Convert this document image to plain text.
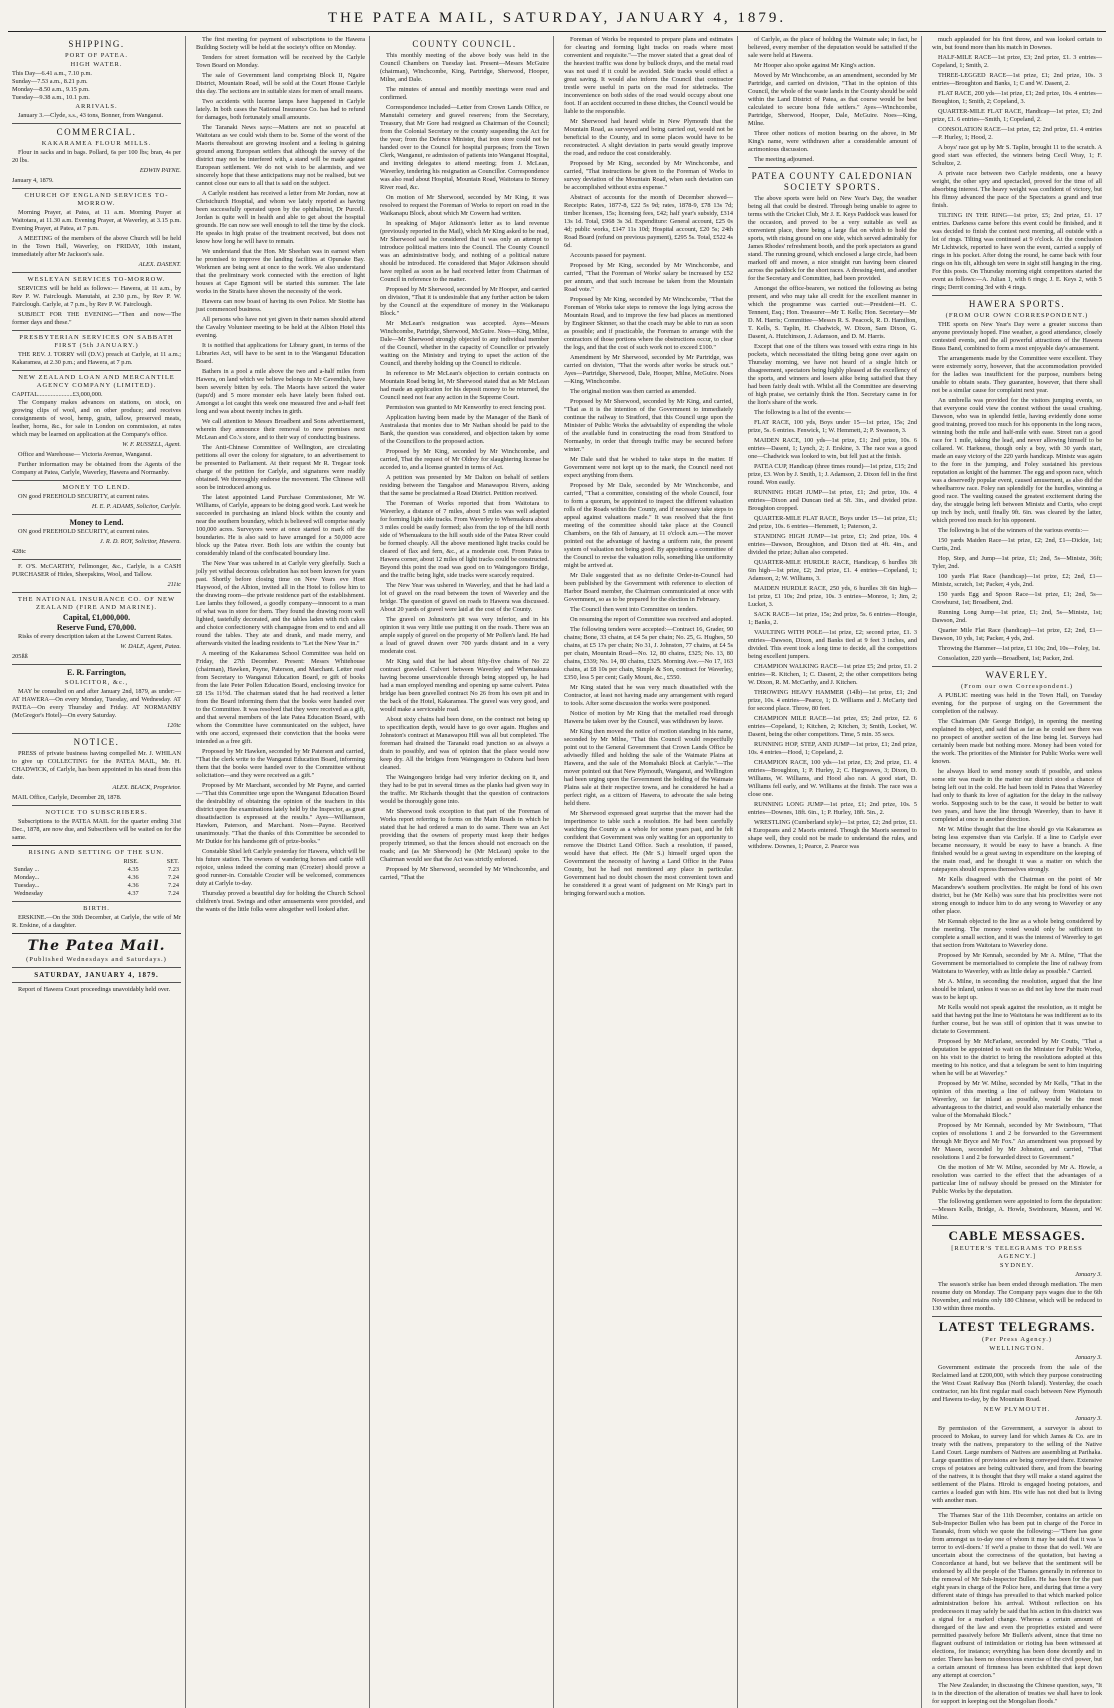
THE PATEA MAIL, SATURDAY, JANUARY 4, 1879.
SHIPPING.
PORT OF PATEA.
HIGH WATER.
This Day—6.41 a.m., 7.10 p.m.
Sunday—7.53 a.m., 8.21 p.m.
Monday—8.50 a.m., 9.15 p.m.
Tuesday—9.38 a.m., 10.1 p.m.
ARRIVALS.
January 3.—Clyde, s.s., 43 tons, Bonner, from Wanganui.
COMMERCIAL.
KAKARAMEA FLOUR MILLS.
Flour in sacks and in bags. Pollard, 6s per 100 lbs; bran, 4s per 20 lbs.
EDWIN PAYNE.
January 4, 1879.
CHURCH OF ENGLAND SERVICES TO-MORROW.
Morning Prayer, at Patea, at 11 a.m. Morning Prayer at Waitotara, at 11.30 a.m. Evening Prayer, at Waverley, at 3.15 p.m. Evening Prayer, at Patea, at 7 p.m.
A MEETING of the members of the above Church will be held in the Town Hall, Waverley, on FRIDAY, 10th instant, immediately after Mr Jackson's sale.
ALEX. DASENT.
WESLEYAN SERVICES TO-MORROW.
SERVICES will be held as follows:— Hawera, at 11 a.m., by Rev P. W. Fairclough. Manutahi, at 2.30 p.m., by Rev P. W. Fairclough. Carlyle, at 7 p.m., by Rev P. W. Fairclough.
SUBJECT FOR THE EVENING—"Then and now—The former days and these."
PRESBYTERIAN SERVICES ON SABBATH FIRST (5th JANUARY.)
THE REV. J. TORRY will (D.V.) preach at Carlyle, at 11 a.m.; Kakaramea, at 2.30 p.m.; and Hawera, at 7 p.m.
NEW ZEALAND LOAN AND MERCANTILE AGENCY COMPANY (LIMITED).
CAPITAL......................£3,000,000.
The Company makes advances on stations, on stock, on growing clips of wool, and on other produce; and receives consignments of wool, hemp, grain, tallow, preserved meats, leather, horns, &c., for sale in London on commission, at rates which may be learned on application at the Company's office.
W. F. RUSSELL, Agent.
Office and Warehouse— Victoria Avenue, Wanganui.
Further information may be obtained from the Agents of the Company at Patea, Carlyle, Waverley, Hawera and Normanby.
MONEY TO LEND.
ON good FREEHOLD SECURITY, at current rates.
H. E. P. ADAMS, Solicitor, Carlyle.
Money to Lend.
ON good FREEHOLD SECURITY, at current rates.
J. R. D. ROY, Solicitor, Hawera.
428tc
F. O'S. McCARTHY, Fellmonger, &c., Carlyle, is a CASH PURCHASER of Hides, Sheepskins, Wool, and Tallow.
211tc
THE NATIONAL INSURANCE CO. OF NEW ZEALAND (FIRE AND MARINE).
Capital, £1,000,000.
Reserve Fund, £70,000.
Risks of every description taken at the Lowest Current Rates.
W. DALE, Agent, Patea.
205ßß
E. R. Farrington,
SOLICITOR, &c.,
MAY be consulted on and after January 2nd, 1879, as under:— AT HAWERA—On every Monday, Tuesday, and Wednesday. AT PATEA—On every Thursday and Friday. AT NORMANBY (McGregor's Hotel)—On every Saturday.
120tc
NOTICE.
PRESS of private business having compelled Mr. J. WHILAN to give up COLLECTING for the PATEA MAIL, Mr. H. CHADWICK, of Carlyle, has been appointed in his stead from this date.
ALEX. BLACK, Proprietor.
MAIL Office, Carlyle, December 28, 1878.
NOTICE TO SUBSCRIBERS.
Subscriptions to the PATEA MAIL for the quarter ending 31st Dec., 1878, are now due, and Subscribers will be waited on for the same.
RISING AND SETTING OF THE SUN.
	RISE.	SET.
Sunday ...	4.35	7.23
Monday...	4.36	7.24
Tuesday...	4.36	7.24
Wednesday	4.37	7.24
BIRTH.
ERSKINE.—On the 30th December, at Carlyle, the wife of Mr R. Erskine, of a daughter.
The Patea Mail.
(Published Wednesdays and Saturdays.)
SATURDAY, JANUARY 4, 1879.
Report of Hawera Court proceedings unavoidably held over.
The first meeting for payment of subscriptions to the Hawera Building Society will be held at the society's office on Monday.
Tenders for street formation will be received by the Carlyle Town Board on Monday.
The sale of Government land comprising Block II, Ngaire District, Mountain Road, will be sold at the Court House Carlyle this day. The sections are in suitable sizes for men of small means.
Two accidents with lucerne lamps have happened in Carlyle lately. In both cases the National Insurance Co. has had to refund for damages, both fortunately small amounts.
The Taranaki News says:—Matters are not so peaceful at Waitotara as we could wish them to be. Some of the worst of the Maoris thereabout are growing insolent and a feeling is gaining ground among European settlers that although the survey of the district may not be interfered with, a stand will be made against European settlement. We do not wish to be alarmists, and we sincerely hope that these anticipations may not be realised, but we cannot close our ears to all that is said on the subject.
A Carlyle resident has received a letter from Mr Jordan, now at Christchurch Hospital, and whom we lately reported as having been successfully operated upon by the ophthalmist, Dr Purcell. Jordan is quite well in health and able to get about the hospital grounds. He can now see well enough to tell the time by the clock. He speaks in high praise of the treatment received, but does not know how long he will have to remain.
We understand that the Hon. Mr Sheehan was in earnest when he promised to improve the landing facilities at Opunake Bay. Workmen are being sent at once to the work. We also understand that the preliminary work connected with the erection of light houses at Cape Egmont will be started this summer. The late works in the Straits have shown the necessity of the work.
Hawera can now boast of having its own Police. Mr Stottie has just commenced business.
All persons who have not yet given in their names should attend the Cavalry Volunteer meeting to be held at the Albion Hotel this evening.
It is notified that applications for Library grant, in terms of the Libraries Act, will have to be sent in to the Wanganui Education Board.
Bathers in a pool a mile above the two and a-half miles from Hawera, on land which we believe belongs to Mr Cavendish, have been severely bitten by eels. The Maoris have seized the water (tapu'd) and 5 more monster eels have lately been fished out. Amongst a lot caught this week one measured five and a-half feet long and was about twenty inches in girth.
We call attention to Messrs Broadbent and Sons advertisement, wherein they announce their removal to new premises next McLean and Co.'s store, and to their way of conducting business.
The Anti-Chinese Committee of Wellington, are circulating petitions all over the colony for signature, to an advertisement to be presented to Parliament. At their request Mr R. Tregear took charge of the petition for Carlyle, and signatures were readily obtained. We thoroughly endorse the movement. The Chinese will soon be introduced among us.
The latest appointed Land Purchase Commissioner, Mr W. Williams, of Carlyle, appears to be doing good work. Last week he succeeded in purchasing an inland block within the county and near the southern boundary, which is believed will comprise nearly 100,000 acres. Surveyors were at once started to mark off the boundaries. He is also said to have arranged for a 50,000 acre block up the Patea river. Both lots are within the county but considerably inland of the confiscated boundary line.
The New Year was ushered in at Carlyle very gleefully. Such a jolly yet withal decorous celebration has not been known for years past. Shortly before closing time on New Years eve Host Haywood, of the Albion, invited all in the Hotel to follow him to the drawing room—the private residence part of the establishment. Lee lambs they followed, a goodly company—innocent to a man of what was in store for them. They found the drawing room well lighted, tastefully decorated, and the tables laden with rich cakes and choice confectionery with champagne from end to end and all round the tables. They ate and drank, and made merry, and afterwards visited the leading residents to "Let the New Year in."
A meeting of the Kakaramea School Committee was held on Friday, the 27th December. Present: Messrs Whitehouse (chairman), Hawken, Payne, Paterson, and Marchant. Letter read from Secretary to Wanganui Education Board, re gift of books from the late Peter Pollen Education Board, enclosing invoice for £8 15s 11½d. The chairman stated that he had received a letter from the Board informing them that the books were handed over to the Committee. It was resolved that they were received as a gift, and that several members of the late Patea Education Board, with whom the Committee have communicated on the subject, have with one accord, expressed their conviction that the books were intended as a free gift.
Proposed by Mr Hawken, seconded by Mr Paterson and carried, "That the clerk write to the Wanganui Education Board, informing them that the books were handed over to the Committee without solicitation—and they were received as a gift."
Proposed by Mr Marchant, seconded by Mr Payne, and carried—"That this Committee urge upon the Wanganui Education Board the desirability of obtaining the opinion of the teachers in this district upon the examinations lately held by the Inspector, as great dissatisfaction is expressed at the results." Ayes—Williamson, Hawken, Paterson, and Marchant. Noes—Payne. Received unanimously. "That the thanks of this Committee be seconded to Mr Dutkie for his handsome gift of prize-books."
Constable Shiel left Carlyle yesterday for Hawera, which will be his future station. The owners of wandering horses and cattle will rejoice, unless indeed the coming man (Crozier) should prove a good runner-in. Constable Crozier will be welcomed, commences duty at Carlyle to-day.
Thursday proved a beautiful day for holding the Church School children's treat. Swings and other amusements were provided, and the wants of the little folks were altogether well looked after.
COUNTY COUNCIL.
This monthly meeting of the above body was held in the Council Chambers on Tuesday last. Present—Messrs McGuire (chairman), Winchcombe, King, Partridge, Sherwood, Hooper, Milne, and Dale.
The minutes of annual and monthly meetings were read and confirmed.
Correspondence included—Letter from Crown Lands Office, re Manutahi cemetery and gravel reserves; from the Secretary, Treasury, that Mr Gore had resigned as Chairman of the Council; from the Colonial Secretary re the county suspending the Act for the year; from the Defence Minister, that iron store could not be handed over to the Council for hospital purposes; from the Town Clerk, Wanganui, re admission of patients into Wanganui Hospital, and inviting delegates to attend meeting; from J. McLean, Waverley, tendering his resignation as Councillor. Correspondence was also read about Hospital, Mountain Road, Waitotara to Stoney River road, &c.
On motion of Mr Sherwood, seconded by Mr King, it was resolved to request the Foreman of Works to report on road in the Waikanapu Block, about which Mr Cowern had written.
In speaking of Major Atkinson's letter as to land revenue (previously reported in the Mail), which Mr King asked to be read, Mr Sherwood said he considered that it was only an attempt to introduce political matters into the Council. The County Council was an administrative body, and nothing of a political nature should be introduced. He considered that Major Atkinson should have replied as soon as he had received letter from Chairman of Council in reference to the matter.
Proposed by Mr Sherwood, seconded by Mr Hooper, and carried on division, "That it is undesirable that any further action be taken by the Council at the expenditure of money in the Waikanapu Block."
Mr McLean's resignation was accepted. Ayes—Messrs Winchcombe, Partridge, Sherwood, McGuire. Noes—King, Milne, Dale—Mr Sherwood strongly objected to any individual member of the Council, whether in the capacity of Councillor or privately waiting on the Ministry and trying to upset the action of the Council, and thereby holding up the Council to ridicule.
In reference to Mr McLean's objection to certain contracts on Mountain Road being let, Mr Sherwood stated that as Mr McLean had made an application for his deposit money to be returned, the Council need not fear any action in the Supreme Court.
Permission was granted to Mr Kenworthy to erect fencing post.
Application having been made by the Manager of the Bank of Australasia that monies due to Mr Nathan should be paid to the Bank, the question was considered, and objection taken by some of the Councillors to the proposed action.
Proposed by Mr King, seconded by Mr Winchcombe, and carried, That the request of Mr Oldrey for slaughtering license be acceded to, and a license granted in terms of Act.
A petition was presented by Mr Dalton on behalf of settlers residing between the Tangahoe and Manawapou Rivers, asking that the same be proclaimed a Road District. Petition received.
The Foreman of Works reported that from Waitotara to Waverley, a distance of 7 miles, about 5 miles was well adapted for forming light side tracks. From Waverley to Whenuakura about 3 miles could be easily formed; also from the top of the hill north side of Whenuakura to the hill south side of the Patea River could be formed cheaply. All the above mentioned light tracks could be cleared of flax and fern, &c., at a moderate cost. From Patea to Hawera corner, about 12 miles of light tracks could be constructed. Beyond this point the road was good on to Waingongoro Bridge, and the traffic being light, side tracks were scarcely required.
The New Year was ushered in Waverley, and that he had laid a lot of gravel on the road between the town of Waverley and the bridge. The question of gravel on roads to Hawera was discussed. About 20 yards of gravel were laid at the cost of the County.
The gravel on Johnston's pit was very inferior, and in his opinion it was very little use putting it on the roads. There was an ample supply of gravel on the property of Mr Pollen's land. He had a load of gravel drawn over 700 yards distant and in a very moderate cost.
Mr King said that he had about fifty-five chains of No 22 contract graveled. Culvert between Waverley and Whenuakura having become unserviceable through being stopped up, he had had a man employed mending and opening up same culvert. Patea bridge has been gravelled contract No 26 from his own pit and in the back of the Hotel, Kakaramea. The gravel was very good, and would make a serviceable road.
About sixty chains had been done, on the contract not being up to specification depth, would have to go over again. Hughes and Johnston's contract at Manawapou Hill was all but completed. The foreman had drained the Taranaki road junction so as always a drain to possibly, and was of opinion that the place would now keep dry. All the bridges from Waingongoro to Ouhoru had been cleaned.
The Waingongoro bridge had very inferior decking on it, and they had to be put in several times as the planks had given way in the traffic. Mr Richards thought that the question of contractors would be thoroughly gone into.
Mr Sherwood took exception to that part of the Foreman of Works report referring to forms on the Main Roads in which he stated that he had ordered a man to do same. There was an Act providing that the owners of property must keep their hedges properly trimmed, so that the fences should not encroach on the roads; and (as Mr Sherwood) he (Mr McLean) spoke to the Chairman would see that the Act was strictly enforced.
Proposed by Mr Sherwood, seconded by Mr Winchcombe, and carried, "That the
Foreman of Works be requested to prepare plans and estimates for clearing and forming light tracks on roads where most convenient and requisite."—The mover stated that a great deal of the heaviest traffic was done by bullock drays, and the metal road was not used if it could be avoided. Side tracks would effect a great saving. It would also inform the Council that contractor trestle were useful in parts on the road for sidetracks. The inconvenience on both sides of the road would occupy about one foot. If an accident occurred in these ditches, the Council would be liable to the responsible.
Mr Sherwood had heard while in New Plymouth that the Mountain Road, as surveyed and being carried out, would not be beneficial to the County, and in some places would have to be reconstructed. A slight deviation in parts would greatly improve the road, and reduce the cost considerably.
Proposed by Mr King, seconded by Mr Winchcombe, and carried, "That instructions be given to the Foreman of Works to survey deviation of the Mountain Road, when such deviation can be accomplished without extra expense."
Abstract of accounts for the month of December showed—Receipts: Rates, 1877-8, £22 5s 9d; rates, 1878-9, £78 13s 7d; timber licenses, 15s; licensing fees, £42; half year's subsidy, £314 13s 1d. Total, £968 3s 3d. Expenditure: General account, £25 0s 4d; public works, £147 11s 10d; Hospital account, £20 5s; 24th Road Board (refund on previous payment), £295 5s. Total, £522 4s 6d.
Accounts passed for payment.
Proposed by Mr King, seconded by Mr Winchcombe, and carried, "That the Foreman of Works' salary be increased by £52 per annum, and that such increase be taken from the Mountain Road vote."
Proposed by Mr King, seconded by Mr Winchcombe, "That the Foreman of Works take steps to remove the logs lying across the Mountain Road, and to improve the few bad places as mentioned by Engineer Skinner, so that the coach may be able to run as soon as possible; and if practicable, the Foreman to arrange with the contractors of those portions where the obstructions occur, to clear the logs, and that the cost of such work not to exceed £100."
Amendment by Mr Sherwood, seconded by Mr Partridge, was carried on division, "That the words after works be struck out." Ayes—Partridge, Sherwood, Dale, Hooper, Milne, McGuire. Noes—King, Winchcombe.
The original motion was then carried as amended.
Proposed by Mr Sherwood, seconded by Mr King, and carried, "That as it is the intention of the Government to immediately continue the railway to Stratford, that this Council urge upon the Minister of Public Works the advisability of expending the whole of the available fund in constructing the road from Stratford to Normanby, in order that through traffic may be secured before winter."
Mr Dale said that he wished to take steps in the matter. If Government were not kept up to the mark, the Council need not expect anything from them.
Proposed by Mr Dale, seconded by Mr Winchcombe, and carried, "That a committee, consisting of the whole Council, four to form a quorum, be appointed to inspect the different valuation rolls of the Roads within the County, and if necessary take steps to appeal against valuations made." It was resolved that the first meeting of the committee should take place at the Council Chambers, on the 6th of January, at 11 o'clock a.m.—The mover pointed out the advantage of having a uniform rate, the present system of valuation not being good. By appointing a committee of the Council to revise the valuation rolls, something like uniformity might be arrived at.
Mr Dale suggested that as no definite Order-in-Council had been published by the Government with reference to election of Harbor Board member, the Chairman communicated at once with Government, so as to be prepared for the election in February.
The Council then went into Committee on tenders.
On resuming the report of Committee was received and adopted.
The following tenders were accepted:—Contract 16, Grader, 90 chains; Bone, 33 chains, at £4 5s per chain; No. 25, G. Hughes, 50 chains, at £5 17s per chain; No 31, J. Johnston, 77 chains, at £4 5s per chain, Mountain Road—No. 12, 80 chains, £325; No. 13, 80 chains, £339; No. 14, 80 chains, £325. Morning Ave.—No 17, 163 chains, at £8 10s per chain, Simple & Son, contract for Waverley, £350, less 5 per cent; Gaily Mount, &c., £550.
Mr King stated that he was very much dissatisfied with the Contractor, at least not having made any arrangement with regard to tools. After some discussion the works were postponed.
Notice of motion by Mr King that the metalled road through Hawera be taken over by the Council, was withdrawn by leave.
Mr King then moved the notice of motion standing in his name, seconded by Mr Milne, "That this Council would respectfully point out to the General Government that Crown Lands Office be advisedly filled and holding the sale of the Waimate Plains at Hawera, and the sale of the Momahaki Block at Carlyle."—The mover pointed out that New Plymouth, Wanganui, and Wellington had been urging upon the Government the holding of the Waimate Plains sale at their respective towns, and he considered he had a perfect right, as a citizen of Hawera, to advocate the sale being held there.
Mr Sherwood expressed great surprise that the mover had the impertinence to table such a resolution. He had been carefully watching the County as a whole for some years past, and he felt confident that Government was only waiting for an opportunity to remove the District Land Office. Such a resolution, if passed, would have that effect. He (Mr S.) himself urged upon the Government the necessity of having a Land Office in the Patea County, but he had not mentioned any place in particular. Government had no doubt chosen the most convenient town and he considered it a great want of judgment on Mr King's part in bringing forward such a motion.
of Carlyle, as the place of holding the Waimate sale; in fact, he believed, every member of the deputation would be satisfied if the sale were held at Hawera.
Mr Hooper also spoke against Mr King's action.
Moved by Mr Winchcombe, as an amendment, seconded by Mr Partridge, and carried on division, "That in the opinion of this Council, the whole of the waste lands in the County should be sold within the Land District of Patea, as that course would be best calculated to secure bona fide settlers." Ayes—Winchcombe, Partridge, Sherwood, Hooper, Dale, McGuire. Noes—King, Milne.
Three other notices of motion bearing on the above, in Mr King's name, were withdrawn after a considerable amount of acrimonious discussion.
The meeting adjourned.
PATEA COUNTY CALEDONIAN SOCIETY SPORTS.
The above sports were held on New Year's Day, the weather being all that could be desired. Through being unable to agree to terms with the Cricket Club, Mr J. E. Keys Paddock was leased for the occasion, and proved to be a very suitable as well as convenient place, there being a large flat on which to hold the sports, with rising ground on one side, which served admirably for James Rhodes' refreshment booth, and the pork spectators as grand stand. The running ground, which enclosed a large circle, had been marked off and mown, a nice straight run having been cleared across the paddock for the short races. A dressing-tent, and another for the Secretary and Committee, had been provided.
Amongst the office-bearers, we noticed the following as being present, and who may take all credit for the excellent manner in which the programme was carried out:—President—H. C. Tennent, Esq.; Hon. Treasurer—Mr T. Kells; Hon. Secretary—Mr D. M. Harris; Committee—Messrs R. S. Peacock, R. D. Hamilton, T. Kells, S. Taplin, H. Chadwick, W. Dixon, Sam Dixon, G. Dasent, A. Hutchinson, J. Adamson, and D. M. Harris.
Except that one of the tilters was tossed with extra rings in his pockets, which necessitated the tilting being gone over again on Thursday morning, we have not heard of a single hitch or disagreement, spectators being highly pleased at the excellency of the sports, and winners and losers alike being satisfied that they had been fairly dealt with. Whilst all the Committee are deserving of high praise, we certainly think the Hon. Secretary came in for the lion's share of the work.
The following is a list of the events:—
FLAT RACE, 100 yds, Boys under 15—1st prize, 15s; 2nd prize, 5s. 6 entries. Fenwick, 1; W. Hemmett, 2; P. Swanson, 3.
MAIDEN RACE, 100 yds—1st prize, £1; 2nd prize, 10s. 6 entries—Dasent, 1; Lynch, 2; J. Erskine, 3. The race was a good one—Chadwick was looked to win, but fell just at the finish.
PATEA CUP, Handicap (three times round)—1st prize, £15; 2nd prize, £3. Won by J. Smith, 1; J. Adamson, 2. Dixon fell in the first round. Won easily.
RUNNING HIGH JUMP—1st prize, £1; 2nd prize, 10s. 4 entries—Dixon and Duncan tied at 5ft. 3in., and divided prize. Broughton cropped.
QUARTER-MILE FLAT RACE, Boys under 15—1st prize, £1; 2nd prize, 10s. 6 entries—Hemmett, 1; Paterson, 2.
STANDING HIGH JUMP—1st prize, £1; 2nd prize, 10s. 4 entries—Dawson, Broughton, and Dixon tied at 4ft. 4in., and divided the prize; Julian also competed.
QUARTER-MILE HURDLE RACE, Handicap, 6 hurdles 3ft 6in high—1st prize, £2; 2nd prize, £1. 4 entries—Copeland, 1; Adamson, 2; W. Williams, 3.
MAIDEN HURDLE RACE, 250 yds, 6 hurdles 3ft 6in high—1st prize, £1 10s; 2nd prize, 10s. 3 entries—Monroe, 1; Jim, 2; Lucket, 3.
SACK RACE—1st prize, 15s; 2nd prize, 5s. 6 entries—Hougie, 1; Banks, 2.
VAULTING WITH POLE—1st prize, £2; second prize, £1. 3 entries—Dawson, Dixon, and Banks tied at 9 feet 3 inches, and divided. This event took a long time to decide, all the competitors being excellent jumpers.
CHAMPION WALKING RACE—1st prize £5; 2nd prize, £1. 2 entries—R. Kitchen, 1; C. Dasent, 2; the other competitors being W. Dixon, R. M. McCarthy, and J. Kitchen.
THROWING HEAVY HAMMER (14lb)—1st prize, £1; 2nd prize, 10s. 4 entries—Pearce, 1; D. Williams and J. McCarty tied for second place. Throw, 80 feet.
CHAMPION MILE RACE—1st prize, £5; 2nd prize, £2. 6 entries—Copeland, 1; Kitchen, 2; Kitchen, 3; Smith, Locket, W. Dasent, being the other competitors. Time, 5 min. 35 secs.
RUNNING HOP, STEP, AND JUMP—1st prize, £1; 2nd prize, 10s. 4 entries—Hood, 1; Copeland, 2.
CHAMPION RACE, 100 yds—1st prize, £3; 2nd prize, £1. 4 entries—Broughton, 1; P. Hurley, 2; C. Hargreaves, 3; Dixon, D. Williams, W. Williams, and Hood also ran. A good start, D. Williams fell early, and W. Williams at the finish. The race was a close one.
RUNNING LONG JUMP—1st prize, £1; 2nd prize, 10s. 5 entries—Downes, 18ft. 6in., 1; P. Hurley, 18ft. 5in., 2.
WRESTLING (Cumberland style)—1st prize, £2; 2nd prize, £1. 4 Europeans and 2 Maoris entered. Though the Maoris seemed to shape well, they could not be made to understand the rules, and withdrew. Downes, 1; Pearce, 2. Pearce was
much applauded for his first throw, and was looked certain to win, but found more than his match in Downes.
HALF-MILE RACE—1st prize, £3; 2nd prize, £1. 3 entries—Copeland, 1; Smith, 2.
THREE-LEGGED RACE—1st prize, £1; 2nd prize, 10s. 3 entries—Broughton and Banks, 1; C and W. Dasent, 2.
FLAT RACE, 200 yds—1st prize, £1; 2nd prize, 10s. 4 entries—Broughton, 1; Smith, 2; Copeland, 3.
QUARTER-MILE FLAT RACE, Handicap—1st prize, £3; 2nd prize, £1. 6 entries—Smith, 1; Copeland, 2.
CONSOLATION RACE—1st prize, £2; 2nd prize, £1. 4 entries—P. Hurley, 1; Hood, 2.
A boys' race got up by Mr S. Taplin, brought 11 to the scratch. A good start was effected, the winners being Cecil Wray, 1; F. Schultze, 2.
A private race between two Carlyle residents, one a heavy weight, the other spry and spectacled, proved for the time of all absorbing interest. The heavy weight was confident of victory, but his flimsy advanced the pace of the Spectators a grand and true finish.
TILTING IN THE RING—1st prize, £5; 2nd prize, £1. 17 entries. Darkness came before this event could be finished, and it was decided to finish the contest next morning, all outside with a lot of rings. Tilting was continued at 9 o'clock. At the conclusion Mr Lichtwick, reported to have won the event, carried a supply of rings in his pocket. After doing the round, he came back with four rings on his tilt, although ten were in sight still hanging in the ring. For this posts. On Thursday morning eight competitors started the event as follows:—A. Julian 1, with 6 rings; J. E. Keys 2, with 5 rings; Derrit coming 3rd with 4 rings.
HAWERA SPORTS.
(FROM OUR OWN CORRESPONDENT.)
THE sports on New Year's Day were a greater success than anyone previously hoped. Fine weather, a good attendance, closely contested events, and the all powerful attractions of the Hawera Brass Band, combined to form a most enjoyable day's amusement.
The arrangements made by the Committee were excellent. They were extremely sorry, however, that the accommodation provided for the ladies was insufficient for the purpose, numbers being unable to obtain seats. They guarantee, however, that there shall not be a similar cause for complaint next year.
An umbrella was provided for the visitors jumping events, so that everyone could view the contest without the usual crushing. Dawson, who was in splendid fettle, having evidently done some good training, proved too much for his opponents in the long races, winning both the mile and half-mile with ease. Street ran a good race for 1 mile, taking the lead, and never allowing himself to be collared. W. Harkness, though only a boy, with 30 yards start, made an easy victory of the 220 yards handicap. Ministz was again to the fore in the jumping, and Foley sustained his previous reputation as knight of the hammer. The egg and spoon race, which was a deservedly popular event, caused amusement, as also did the wheelbarrow race. Foley ran splendidly for the hurdles, winning a good race. The vaulting caused the greatest excitement during the day, the struggle being left between Ministz and Curtis, who crept up inch by inch, until finally 9ft. 6in. was cleared by the latter, which proved too much for his opponent.
The following is list of the winners of the various events:—
150 yards Maiden Race—1st prize, £2; 2nd, £1—Dickie, 1st; Curtis, 2nd.
Hop, Step, and Jump—1st prize, £1; 2nd, 5s—Ministz, 36ft; Tyler, 2nd.
100 yards Flat Race (handicap)—1st prize, £2; 2nd, £1—Ministz, scratch, 1st; Packer, 4 yds, 2nd.
150 yards Egg and Spoon Race—1st prize, £1; 2nd, 5s—Crowhurst, 1st; Broadbent, 2nd.
Running Long Jump—1st prize, £1; 2nd, 5s—Ministz, 1st; Dawson, 2nd.
Quarter Mile Flat Race (handicap)—1st prize, £2; 2nd, £1—Dawson, 10 yds, 1st; Packer, 4 yds, 2nd.
Throwing the Hammer—1st prize, £1 10s; 2nd, 10s—Foley, 1st.
Consolation, 220 yards—Broadbent, 1st; Packer, 2nd.
WAVERLEY.
(From our own Correspondent.)
A PUBLIC meeting was held in the Town Hall, on Tuesday evening, for the purpose of urging on the Government the completion of the railway.
The Chairman (Mr George Bridge), in opening the meeting explained its object, and said that as far as he could see there was no prospect of another section of the line being let. Surveys had certainly been made but nothing more. Money had been voted for the work. The priorities of the Minister for Public Works were well known.
he always liked to send money south if possible, and unless some stir was made in the matter our district stood a chance of being left out in the cold. He had been told in Patea that Waverley had only to thank its love of agitation for the delay in the railway works. Supposing such to be the case, it would be better to wait two years, and have the line through Waverley, than to have it completed at once in another direction.
Mr W. Milne thought that the line should go via Kakaramea as being less expensive than via Carlyle. If a line to Carlyle ever became necessary, it would be easy to have a branch. A fine finished would be a great saving in expenditure on the keeping of the main road, and he thought it was a matter on which the ratepayers should express themselves strongly.
Mr Kells disagreed with the Chairman on the point of Mr Macandrew's southern proclivities. He might be fond of his own district, but he (Mr Kells) was sure that his proclivities were not strong enough to induce him to do any wrong to Waverley or any other place.
Mr Kennah objected to the line as a whole being considered by the meeting. The money voted would only be sufficient to complete a small section, and it was the interest of Waverley to get that section from Waitotara to Waverley done.
Proposed by Mr Kennah, seconded by Mr A. Milne, "That the Government be memorialised to complete the line of railway from Waitotara to Waverley, with as little delay as possible." Carried.
Mr A. Milne, in seconding the resolution, argued that the line should be inland, unless it was so as did not lay how the main road was to be kept up.
Mr Kells would not speak against the resolution, as it might be said that having put the line to Waitotara he was indifferent as to its further course, but he was still of opinion that it was unwise to dictate to Government.
Proposed by Mr McFarlane, seconded by Mr Coutts, "That a deputation be appointed to wait on the Minister for Public Works, on his visit to the district to bring the resolutions adopted at this meeting to his notice, and that a telegram be sent to him inquiring when he will be at Waverley."
Proposed by Mr W. Milne, seconded by Mr Kells, "That in the opinion of this meeting a line of railway from Waitotara to Waverley, so far inland as possible, would be the most advantageous to the district, and would also materially enhance the value of the Momahaki Block."
Proposed by Mr Kennah, seconded by Mr Swinbourn, "That copies of resolutions 1 and 2 be forwarded to the Government through Mr Bryce and Mr Fox." An amendment was proposed by Mr Mason, seconded by Mr Johnston, and carried, "That resolutions 1 and 2 be forwarded direct to Government."
On the motion of Mr W. Milne, seconded by Mr A. Howle, a resolution was carried to the effect that the advantages of a particular line of railway should be pressed on the Minister for Public Works by the deputation.
The following gentlemen were appointed to form the deputation:—Messrs Kells, Bridge, A. Howle, Swinbourn, Mason, and W. Milne.
CABLE MESSAGES.
[REUTER'S TELEGRAMS TO PRESS AGENCY.]
SYDNEY.
January 3.
The season's strike has been ended through mediation. The men resume duty on Monday. The Company pays wages due to the 6th November, and retains only 180 Chinese, which will be reduced to 130 within three months.
LATEST TELEGRAMS.
(Per Press Agency.)
WELLINGTON.
January 3.
Government estimate the proceeds from the sale of the Reclaimed land at £200,000, with which they purpose constructing the West Coast Railway Bus (North Island). Yesterday, the coach contractor, ran his first regular mail coach between New Plymouth and Hawera to-day, by the Mountain Road.
NEW PLYMOUTH.
January 3.
By permission of the Government, a surveyor is about to proceed to Mokau, to survey land for which James & Co. are in treaty with the natives, preparatory to the selling of the Native Land Court. Large numbers of Natives are assembling at Parihaka. Large quantities of provisions are being conveyed there. Extensive crops of potatoes are being cultivated there, and from the bearing of the natives, it is thought that they will make a stand against the settlement of the Plains. Hiroki is engaged hoeing potatoes, and carries a loaded gun with him. His wife has not died but is living with another man.
The Thames Star of the 11th December, contains an article on Sub-Inspector Bullen who has been put in charge of the Force in Taranaki, from which we quote the following:—"There has gone from amongst us to-day one of whom it may be said that it was 'a terror to evil-doers.' If we'd a praise to those that do well. We are uncertain about the correctness of the quotation, but having a Concordance at hand, but we believe that the sentiment will be endorsed by all the people of the Thames generally in reference to the removal of Mr Sub-Inspector Bullen. He has been for the past eight years in charge of the Police here, and during that time a very different state of things has prevailed to that which marked police administration before his arrival. Without reflection on his predecessors it may safely be said that his action in this district was a signal for a marked change. Whereas a certain amount of disregard of the law and even the proprieties existed and were permitted passively before Mr Bullen's advent, since that time no flagrant outburst of intimidation or rioting has been witnessed at elections, for instance; everything has been done decently and in order. There has been no obnoxious exercise of the civil power, but a certain amount of firmness has been exhibited that kept down any attempt at coercion."
The New Zealander, in discussing the Chinese question, says, "It is in the direction of the alteration of treaties we shall have to look for support in keeping out the Mongolian floods."
